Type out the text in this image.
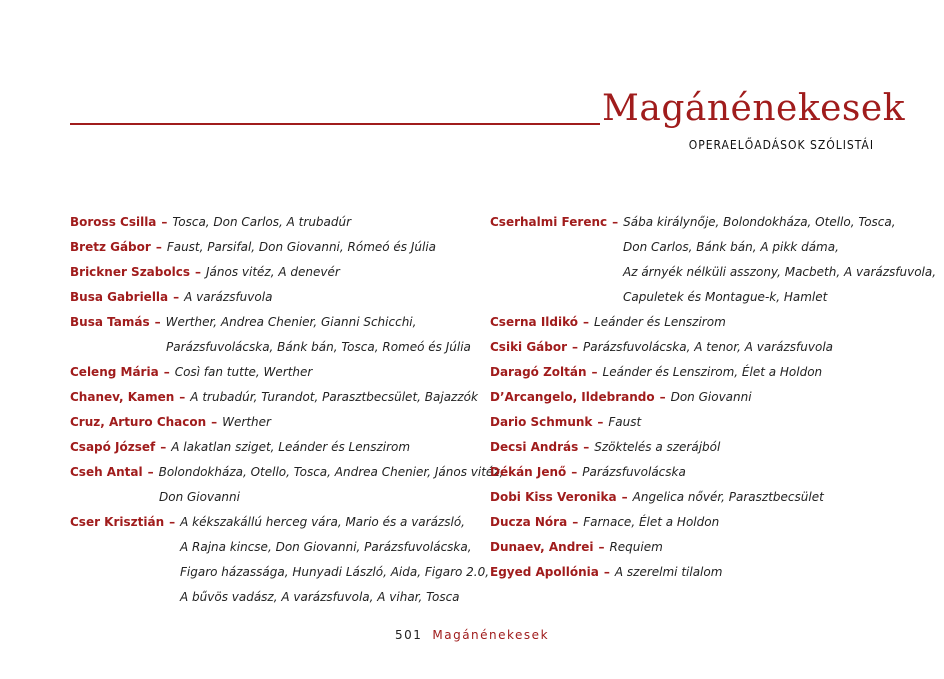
Magánénekesek
OPERAELŐADÁSOK SZÓLISTÁI
Boross Csilla – Tosca, Don Carlos, A trubadúr
Bretz Gábor – Faust, Parsifal, Don Giovanni, Rómeó és Júlia
Brickner Szabolcs – János vitéz, A denevér
Busa Gabriella – A varázsfuvola
Busa Tamás – Werther, Andrea Chenier, Gianni Schicchi,
Parázsfuvolácska, Bánk bán, Tosca, Romeó és Júlia
Celeng Mária – Così fan tutte, Werther
Chanev, Kamen – A trubadúr, Turandot, Parasztbecsület, Bajazzók
Cruz, Arturo Chacon – Werther
Csapó József – A lakatlan sziget, Leánder és Lenszirom
Cseh Antal – Bolondokháza, Otello, Tosca, Andrea Chenier, János vitéz,
Don Giovanni
Cser Krisztián – A kékszakállú herceg vára, Mario és a varázsló,
A Rajna kincse, Don Giovanni, Parázsfuvolácska,
Figaro házassága, Hunyadi László, Aida, Figaro 2.0,
A bűvös vadász, A varázsfuvola, A vihar, Tosca
Cserhalmi Ferenc – Sába királynője, Bolondokháza, Otello, Tosca,
Don Carlos, Bánk bán, A pikk dáma,
Az árnyék nélküli asszony, Macbeth, A varázsfuvola,
Capuletek és Montague-k, Hamlet
Cserna Ildikó – Leánder és Lenszirom
Csiki Gábor – Parázsfuvolácska, A tenor, A varázsfuvola
Daragó Zoltán – Leánder és Lenszirom, Élet a Holdon
D’Arcangelo, Ildebrando – Don Giovanni
Dario Schmunk – Faust
Decsi András – Szöktelés a szerájból
Dékán Jenő – Parázsfuvolácska
Dobi Kiss Veronika – Angelica nővér, Parasztbecsület
Ducza Nóra – Farnace, Élet a Holdon
Dunaev, Andrei – Requiem
Egyed Apollónia – A szerelmi tilalom
501 Magánénekesek
